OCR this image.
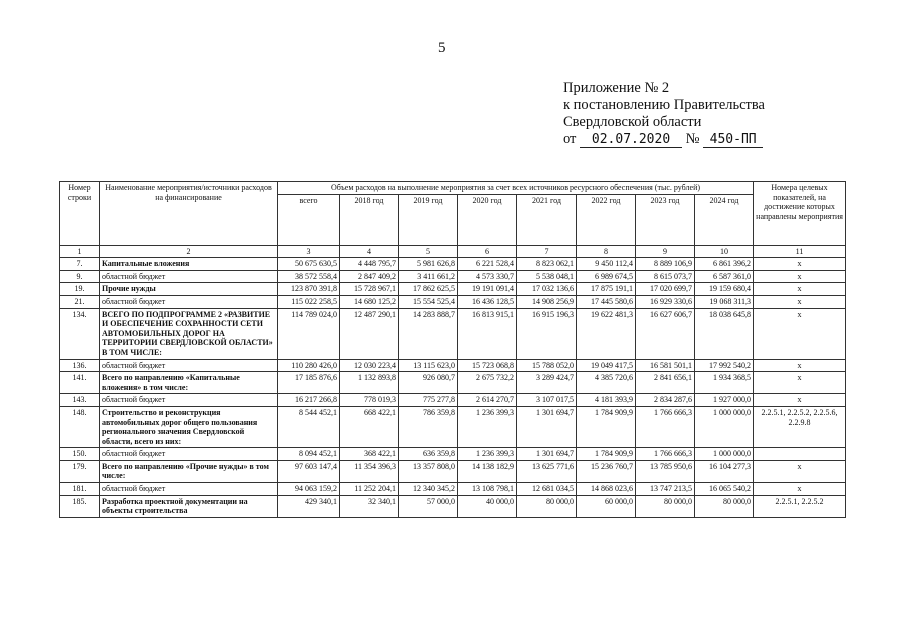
5
Приложение № 2
к постановлению Правительства
Свердловской области
от 02.07.2020 № 450-ПП
Номер строки	Наименование мероприятия/источники расходов на финансирование	Объем расходов на выполнение мероприятия за счет всех источников ресурсного обеспечения (тыс. рублей)								Номера целевых показателей, на достижение которых направлены мероприятия
		всего	2018 год	2019 год	2020 год	2021 год	2022 год	2023 год	2024 год	
1	2	3	4	5	6	7	8	9	10	11
7.	Капитальные вложения	50 675 630,5	4 448 795,7	5 981 626,8	6 221 528,4	8 823 062,1	9 450 112,4	8 889 106,9	6 861 396,2	x
9.	областной бюджет	38 572 558,4	2 847 409,2	3 411 661,2	4 573 330,7	5 538 048,1	6 989 674,5	8 615 073,7	6 587 361,0	x
19.	Прочие нужды	123 870 391,8	15 728 967,1	17 862 625,5	19 191 091,4	17 032 136,6	17 875 191,1	17 020 699,7	19 159 680,4	x
21.	областной бюджет	115 022 258,5	14 680 125,2	15 554 525,4	16 436 128,5	14 908 256,9	17 445 580,6	16 929 330,6	19 068 311,3	x
134.	ВСЕГО ПО ПОДПРОГРАММЕ 2 «РАЗВИТИЕ И ОБЕСПЕЧЕНИЕ СОХРАННОСТИ СЕТИ АВТОМОБИЛЬНЫХ ДОРОГ НА ТЕРРИТОРИИ СВЕРДЛОВСКОЙ ОБЛАСТИ» В ТОМ ЧИСЛЕ:	114 789 024,0	12 487 290,1	14 283 888,7	16 813 915,1	16 915 196,3	19 622 481,3	16 627 606,7	18 038 645,8	x
136.	областной бюджет	110 280 426,0	12 030 223,4	13 115 623,0	15 723 068,8	15 788 052,0	19 049 417,5	16 581 501,1	17 992 540,2	x
141.	Всего по направлению «Капитальные вложения» в том числе:	17 185 876,6	1 132 893,8	926 080,7	2 675 732,2	3 289 424,7	4 385 720,6	2 841 656,1	1 934 368,5	x
143.	областной бюджет	16 217 266,8	778 019,3	775 277,8	2 614 270,7	3 107 017,5	4 181 393,9	2 834 287,6	1 927 000,0	x
148.	Строительство и реконструкция автомобильных дорог общего пользования регионального значения Свердловской области, всего из них:	8 544 452,1	668 422,1	786 359,8	1 236 399,3	1 301 694,7	1 784 909,9	1 766 666,3	1 000 000,0	2.2.5.1, 2.2.5.2, 2.2.5.6, 2.2.9.8
150.	областной бюджет	8 094 452,1	368 422,1	636 359,8	1 236 399,3	1 301 694,7	1 784 909,9	1 766 666,3	1 000 000,0	
179.	Всего по направлению «Прочие нужды» в том числе:	97 603 147,4	11 354 396,3	13 357 808,0	14 138 182,9	13 625 771,6	15 236 760,7	13 785 950,6	16 104 277,3	x
181.	областной бюджет	94 063 159,2	11 252 204,1	12 340 345,2	13 108 798,1	12 681 034,5	14 868 023,6	13 747 213,5	16 065 540,2	x
185.	Разработка проектной документации на объекты строительства	429 340,1	32 340,1	57 000,0	40 000,0	80 000,0	60 000,0	80 000,0	80 000,0	2.2.5.1, 2.2.5.2
